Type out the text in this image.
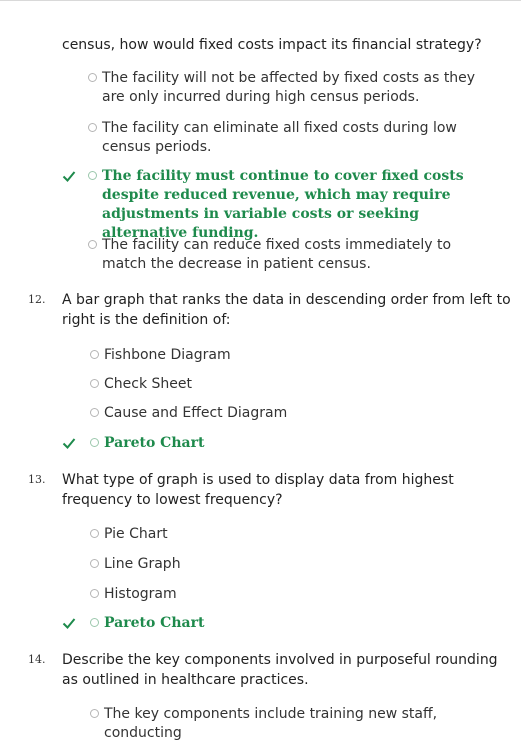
census, how would fixed costs impact its financial strategy?
The facility will not be affected by fixed costs as they are only incurred during high census periods.
The facility can eliminate all fixed costs during low census periods.
The facility must continue to cover fixed costs despite reduced revenue, which may require adjustments in variable costs or seeking alternative funding.
The facility can reduce fixed costs immediately to match the decrease in patient census.
12. A bar graph that ranks the data in descending order from left to right is the definition of:
Fishbone Diagram
Check Sheet
Cause and Effect Diagram
Pareto Chart
13. What type of graph is used to display data from highest frequency to lowest frequency?
Pie Chart
Line Graph
Histogram
Pareto Chart
14. Describe the key components involved in purposeful rounding as outlined in healthcare practices.
The key components include training new staff, conducting
